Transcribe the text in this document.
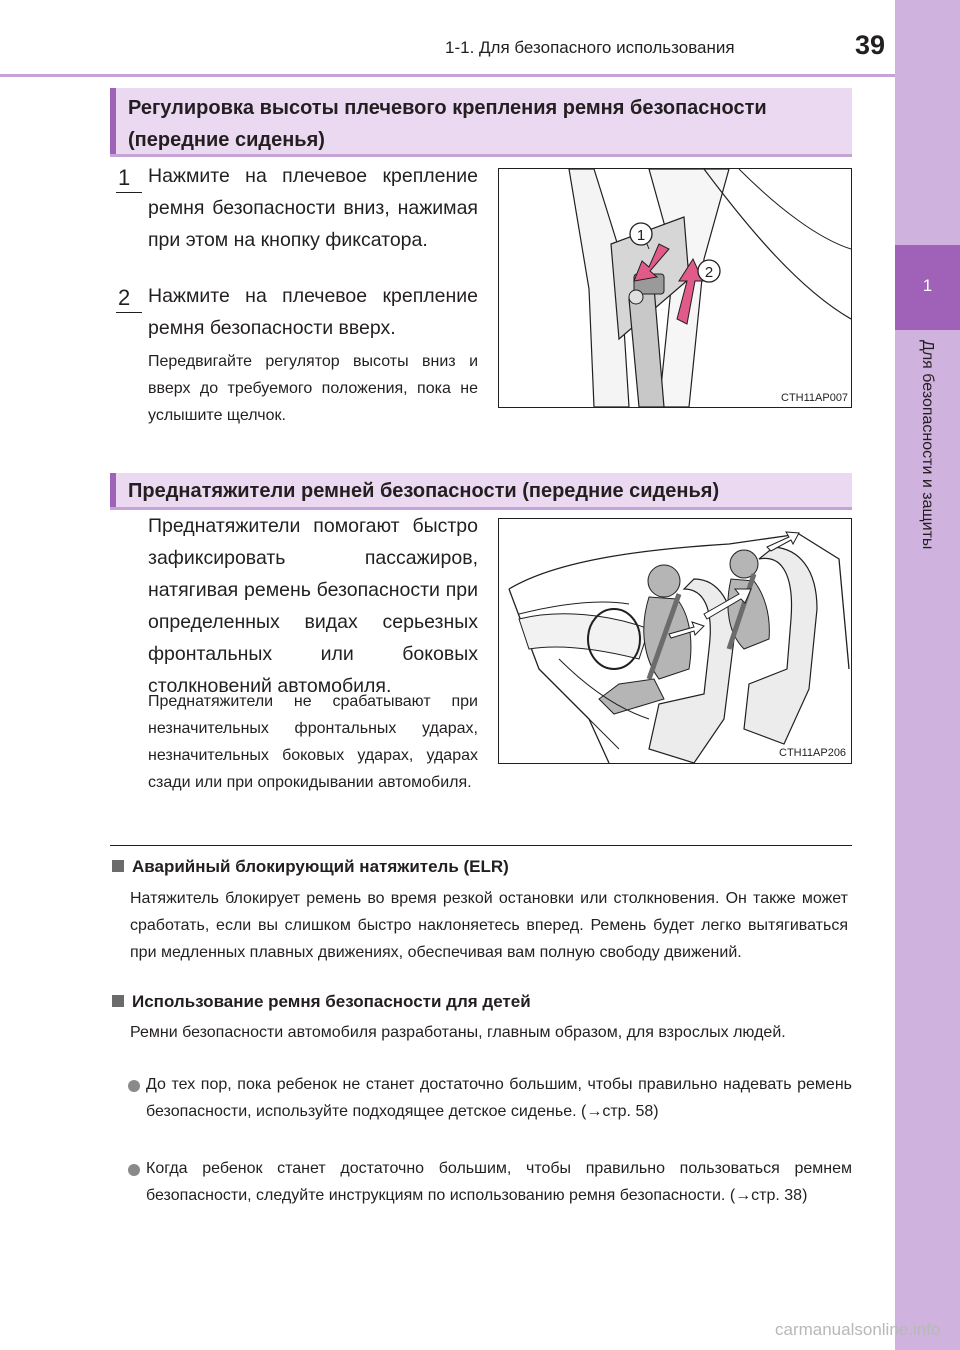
1-1. Для безопасного использования	39
1
Для безопасности и защиты
Регулировка высоты плечевого крепления ремня безопасности (передние сиденья)
1 Нажмите на плечевое крепление ремня безопасности вниз, нажимая при этом на кнопку фиксатора.
2 Нажмите на плечевое крепление ремня безопасности вверх.
Передвигайте регулятор высоты вниз и вверх до требуемого положения, пока не услышите щелчок.
1
2
CTH11AP007
Преднатяжители ремней безопасности (передние сиденья)
Преднатяжители помогают быстро зафиксировать пассажиров, натягивая ремень безопасности при определенных видах серьезных фронтальных или боковых столкновений автомобиля.
Преднатяжители не срабатывают при незначительных фронтальных ударах, незначительных боковых ударах, ударах сзади или при опрокидывании автомобиля.
CTH11AP206
Аварийный блокирующий натяжитель (ELR)
Натяжитель блокирует ремень во время резкой остановки или столкновения. Он также может сработать, если вы слишком быстро наклоняетесь вперед. Ремень будет легко вытягиваться при медленных плавных движениях, обеспечивая вам полную свободу движений.
Использование ремня безопасности для детей
Ремни безопасности автомобиля разработаны, главным образом, для взрослых людей.
До тех пор, пока ребенок не станет достаточно большим, чтобы правильно надевать ремень безопасности, используйте подходящее детское сиденье. (→стр. 58)
Когда ребенок станет достаточно большим, чтобы правильно пользоваться ремнем безопасности, следуйте инструкциям по использованию ремня безопасности. (→стр. 38)
carmanualsonline.info
